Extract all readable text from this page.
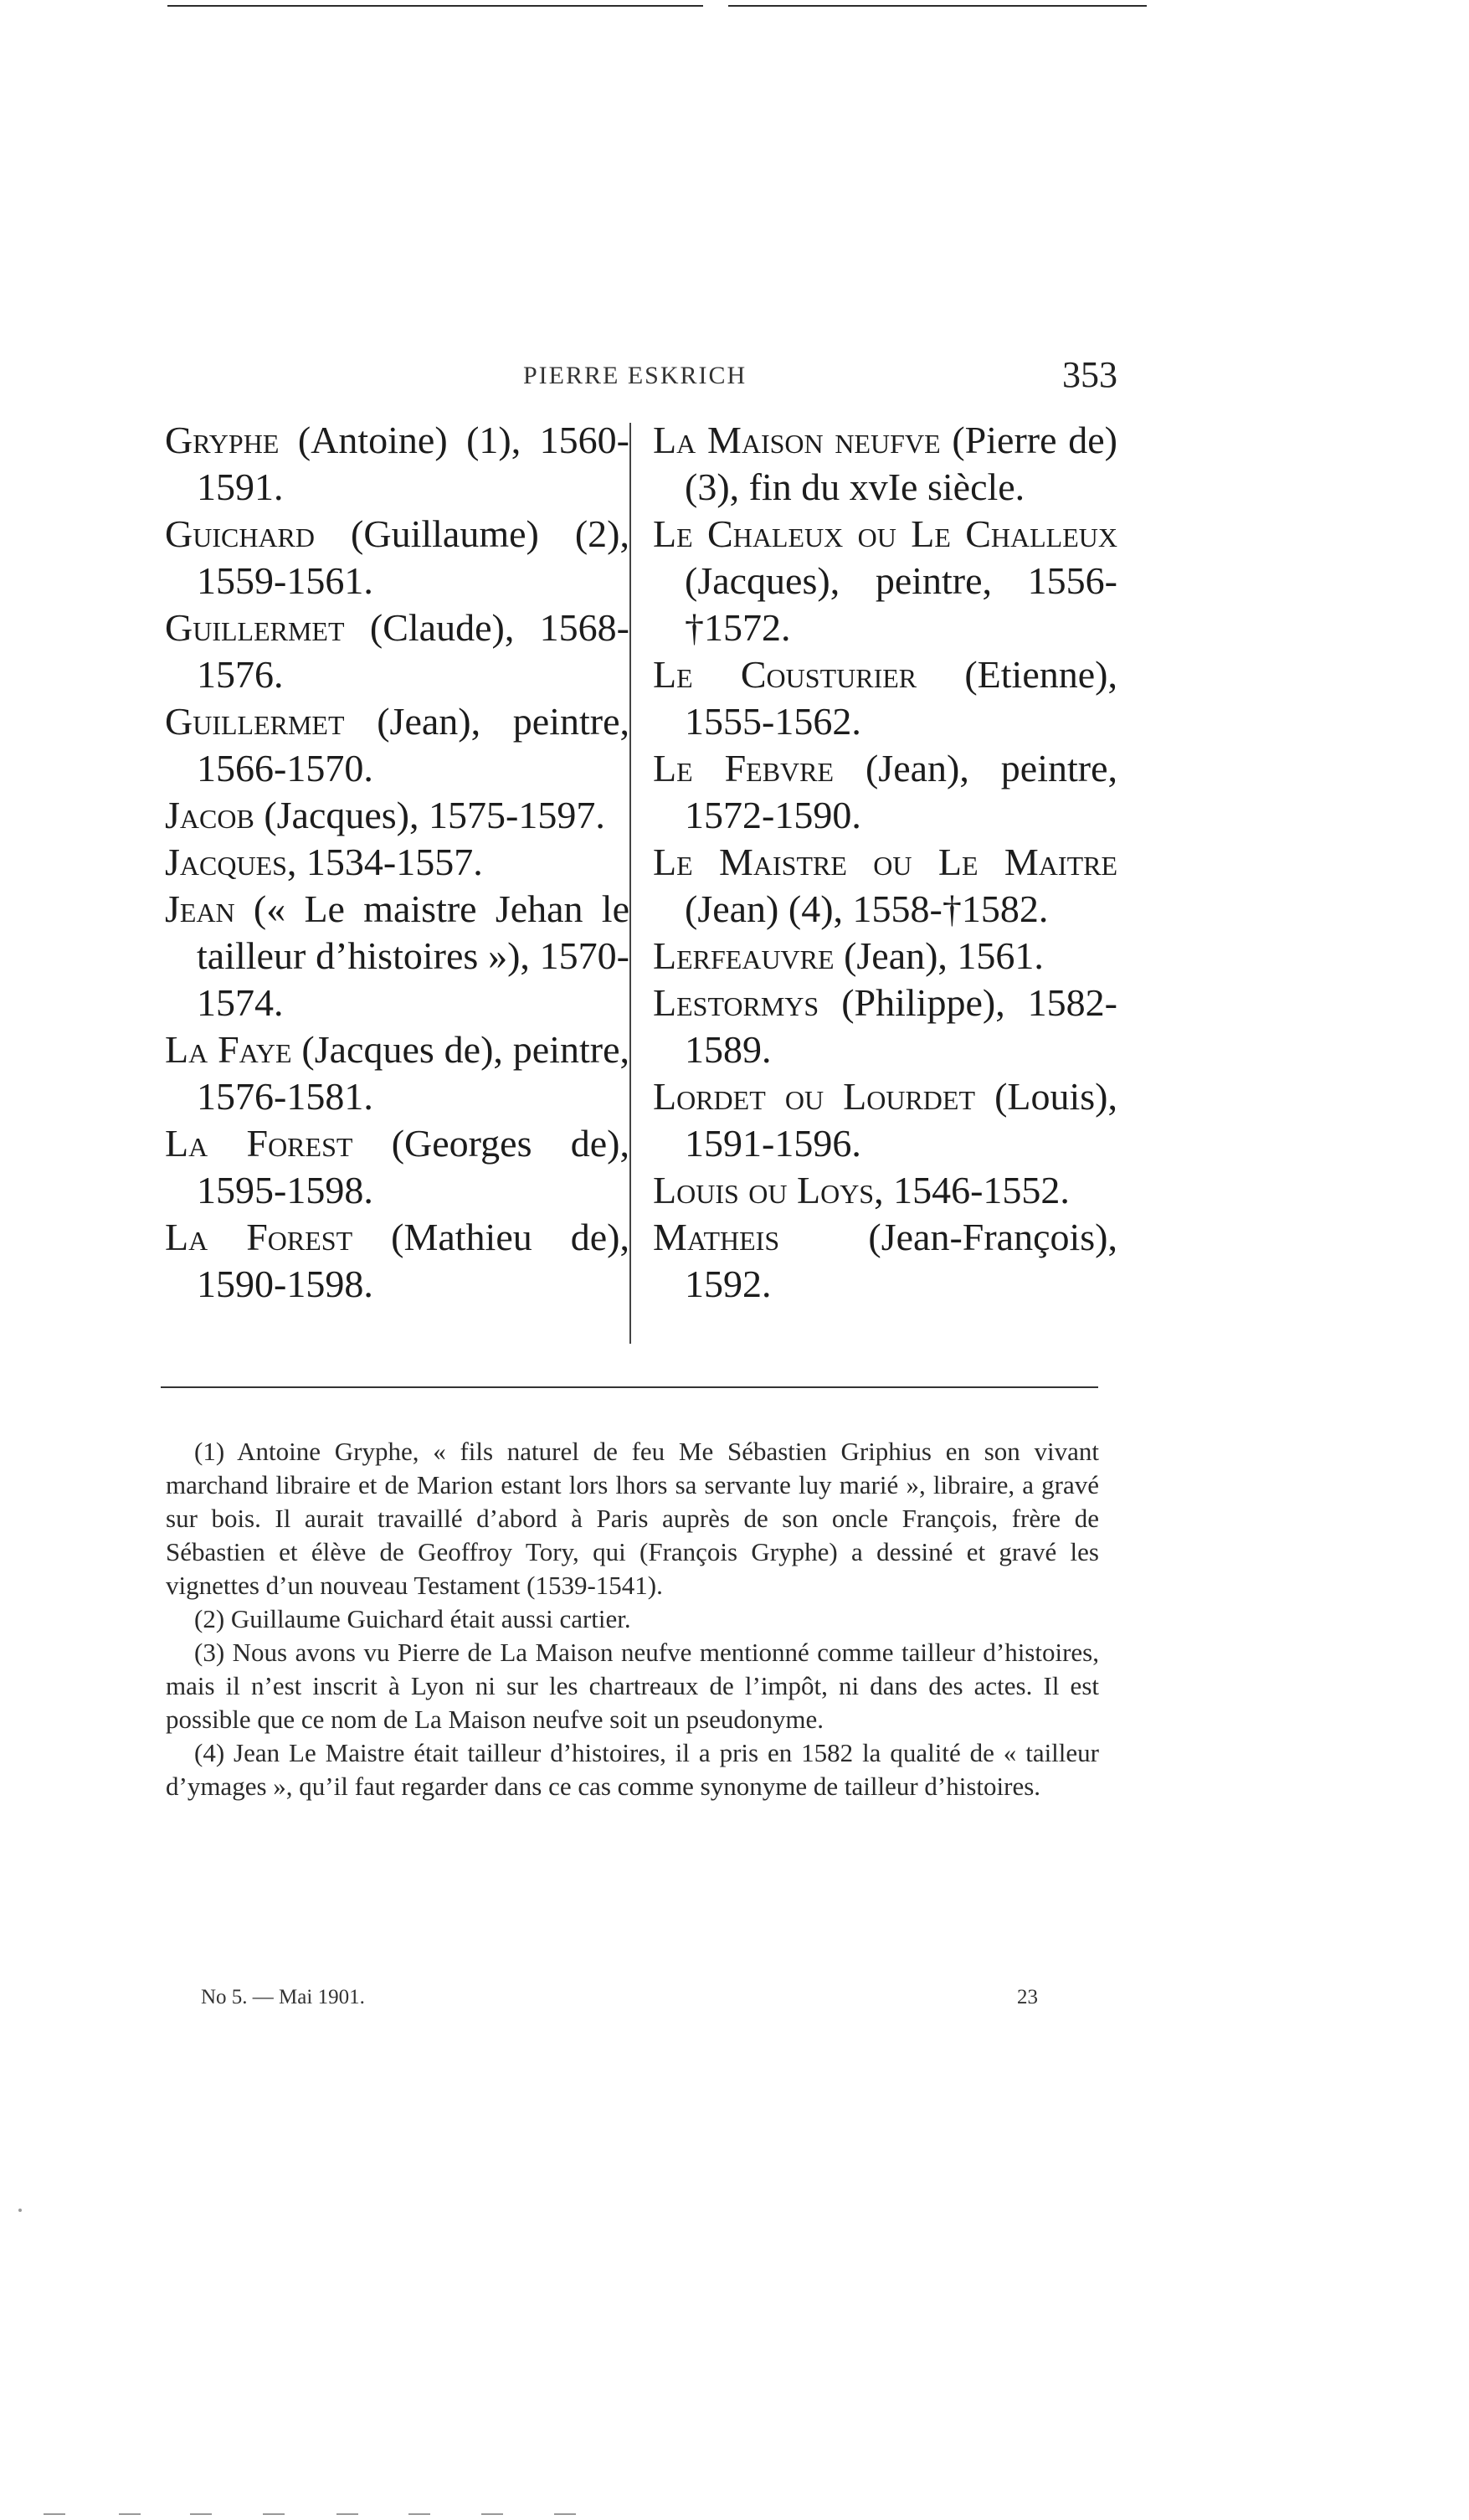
PIERRE ESKRICH	353
Gryphe (Antoine) (1), 1560-1591.
Guichard (Guillaume) (2), 1559-1561.
Guillermet (Claude), 1568-1576.
Guillermet (Jean), peintre, 1566-1570.
Jacob (Jacques), 1575-1597.
Jacques, 1534-1557.
Jean (« Le maistre Jehan le tailleur d’histoires »), 1570-1574.
La Faye (Jacques de), peintre, 1576-1581.
La Forest (Georges de), 1595-1598.
La Forest (Mathieu de), 1590-1598.
La Maison neufve (Pierre de) (3), fin du xvIe siècle.
Le Chaleux ou Le Challeux (Jacques), peintre, 1556-†1572.
Le Cousturier (Etienne), 1555-1562.
Le Febvre (Jean), peintre, 1572-1590.
Le Maistre ou Le Maitre (Jean) (4), 1558-†1582.
Lerfeauvre (Jean), 1561.
Lestormys (Philippe), 1582-1589.
Lordet ou Lourdet (Louis), 1591-1596.
Louis ou Loys, 1546-1552.
Matheis (Jean-François), 1592.

(1) Antoine Gryphe, « fils naturel de feu Me Sébastien Griphius en son vivant marchand libraire et de Marion estant lors lhors sa servante luy marié », libraire, a gravé sur bois. Il aurait travaillé d’abord à Paris auprès de son oncle François, frère de Sébastien et élève de Geoffroy Tory, qui (François Gryphe) a dessiné et gravé les vignettes d’un nouveau Testament (1539-1541).

(2) Guillaume Guichard était aussi cartier.

(3) Nous avons vu Pierre de La Maison neufve mentionné comme tailleur d’histoires, mais il n’est inscrit à Lyon ni sur les chartreaux de l’impôt, ni dans des actes. Il est possible que ce nom de La Maison neufve soit un pseudonyme.

(4) Jean Le Maistre était tailleur d’histoires, il a pris en 1582 la qualité de « tailleur d’ymages », qu’il faut regarder dans ce cas comme synonyme de tailleur d’histoires.

No 5. — Mai 1901.	23
